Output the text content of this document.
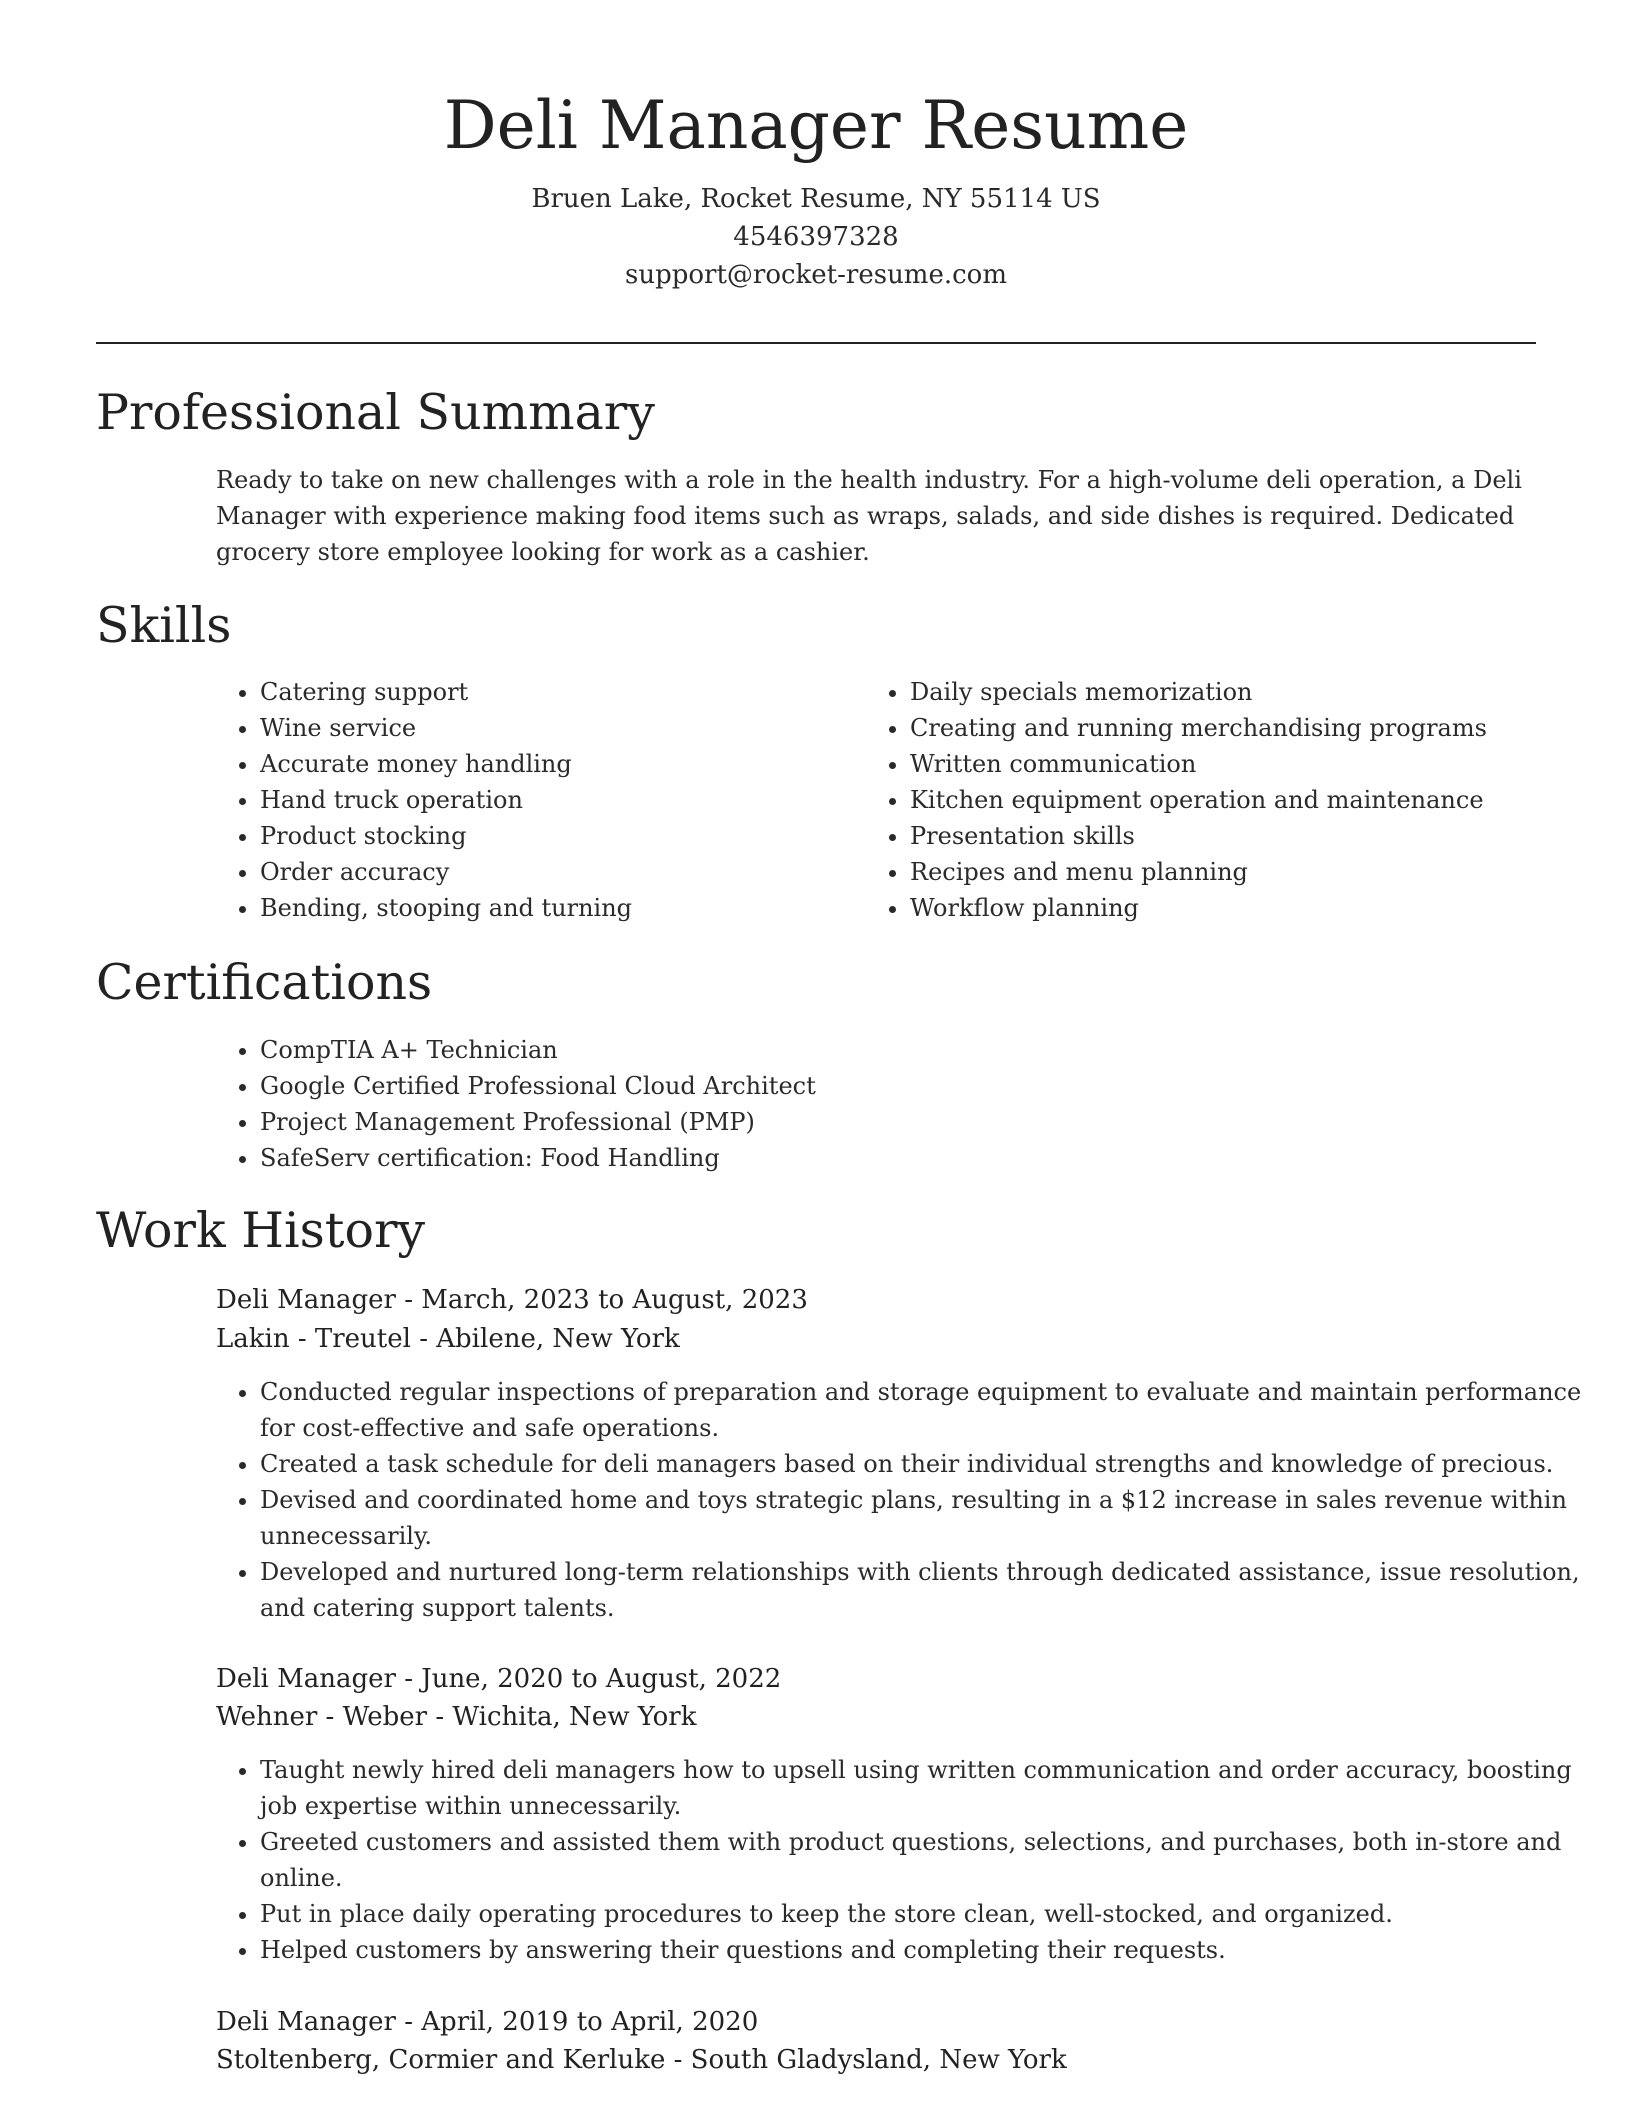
Deli Manager Resume
Bruen Lake, Rocket Resume, NY 55114 US
4546397328
support@rocket-resume.com
Professional Summary

Ready to take on new challenges with a role in the health industry. For a high-volume deli operation, a Deli Manager with experience making food items such as wraps, salads, and side dishes is required. Dedicated grocery store employee looking for work as a cashier.

Skills
• Catering support
• Wine service
• Accurate money handling
• Hand truck operation
• Product stocking
• Order accuracy
• Bending, stooping and turning
• Daily specials memorization
• Creating and running merchandising programs
• Written communication
• Kitchen equipment operation and maintenance
• Presentation skills
• Recipes and menu planning
• Workflow planning
Certifications
• CompTIA A+ Technician
• Google Certified Professional Cloud Architect
• Project Management Professional (PMP)
• SafeServ certification: Food Handling
Work History
Deli Manager - March, 2023 to August, 2023
Lakin - Treutel - Abilene, New York
• Conducted regular inspections of preparation and storage equipment to evaluate and maintain performance for cost-effective and safe operations.
• Created a task schedule for deli managers based on their individual strengths and knowledge of precious.
• Devised and coordinated home and toys strategic plans, resulting in a $12 increase in sales revenue within unnecessarily.
• Developed and nurtured long-term relationships with clients through dedicated assistance, issue resolution, and catering support talents.
Deli Manager - June, 2020 to August, 2022
Wehner - Weber - Wichita, New York
• Taught newly hired deli managers how to upsell using written communication and order accuracy, boosting job expertise within unnecessarily.
• Greeted customers and assisted them with product questions, selections, and purchases, both in-store and online.
• Put in place daily operating procedures to keep the store clean, well-stocked, and organized.
• Helped customers by answering their questions and completing their requests.
Deli Manager - April, 2019 to April, 2020
Stoltenberg, Cormier and Kerluke - South Gladysland, New York
